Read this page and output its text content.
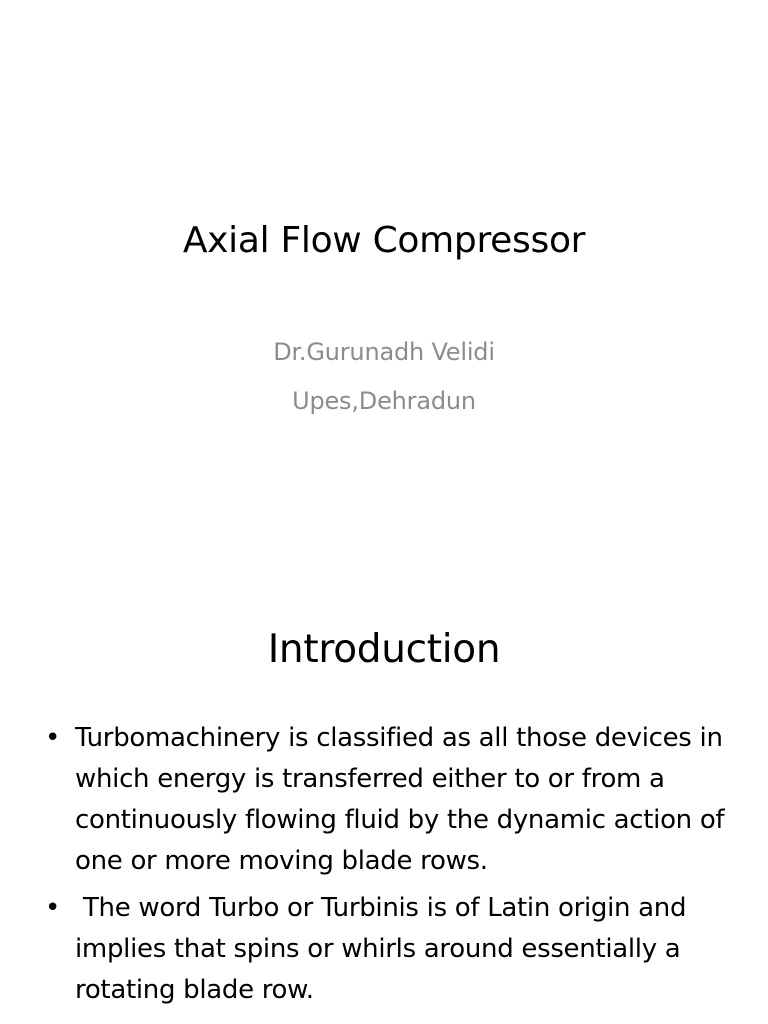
Axial Flow Compressor
Dr.Gurunadh Velidi
Upes,Dehradun
Introduction
• Turbomachinery is classified as all those devices in which energy is transferred either to or from a continuously flowing fluid by the dynamic action of one or more moving blade rows.
• The word Turbo or Turbinis is of Latin origin and implies that spins or whirls around essentially a rotating blade row.
